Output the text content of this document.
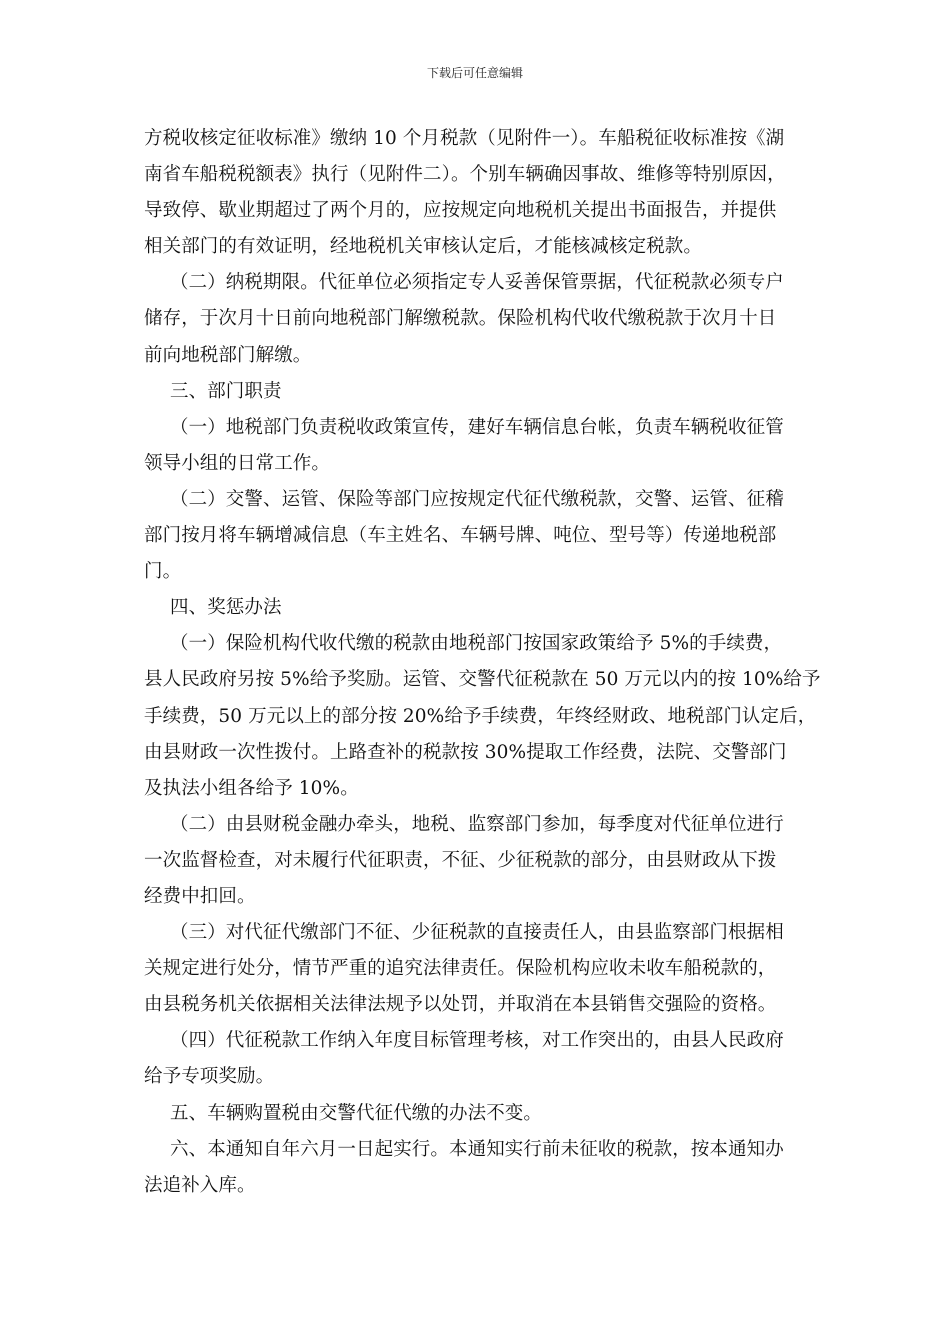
下载后可任意编辑
方税收核定征收标准》缴纳 10 个月税款（见附件一）。车船税征收标准按《湖
南省车船税税额表》执行（见附件二）。个别车辆确因事故、维修等特别原因，
导致停、歇业期超过了两个月的，应按规定向地税机关提出书面报告，并提供
相关部门的有效证明，经地税机关审核认定后，才能核减核定税款。
（二）纳税期限。代征单位必须指定专人妥善保管票据，代征税款必须专户
储存，于次月十日前向地税部门解缴税款。保险机构代收代缴税款于次月十日
前向地税部门解缴。
三、部门职责
（一）地税部门负责税收政策宣传，建好车辆信息台帐，负责车辆税收征管
领导小组的日常工作。
（二）交警、运管、保险等部门应按规定代征代缴税款，交警、运管、征稽
部门按月将车辆增减信息（车主姓名、车辆号牌、吨位、型号等）传递地税部
门。
四、奖惩办法
（一）保险机构代收代缴的税款由地税部门按国家政策给予 5%的手续费，
县人民政府另按 5%给予奖励。运管、交警代征税款在 50 万元以内的按 10%给予
手续费，50 万元以上的部分按 20%给予手续费，年终经财政、地税部门认定后，
由县财政一次性拨付。上路查补的税款按 30%提取工作经费，法院、交警部门
及执法小组各给予 10%。
（二）由县财税金融办牵头，地税、监察部门参加，每季度对代征单位进行
一次监督检查，对未履行代征职责，不征、少征税款的部分，由县财政从下拨
经费中扣回。
（三）对代征代缴部门不征、少征税款的直接责任人，由县监察部门根据相
关规定进行处分，情节严重的追究法律责任。保险机构应收未收车船税款的，
由县税务机关依据相关法律法规予以处罚，并取消在本县销售交强险的资格。
（四）代征税款工作纳入年度目标管理考核，对工作突出的，由县人民政府
给予专项奖励。
五、车辆购置税由交警代征代缴的办法不变。
六、本通知自年六月一日起实行。本通知实行前未征收的税款，按本通知办
法追补入库。
